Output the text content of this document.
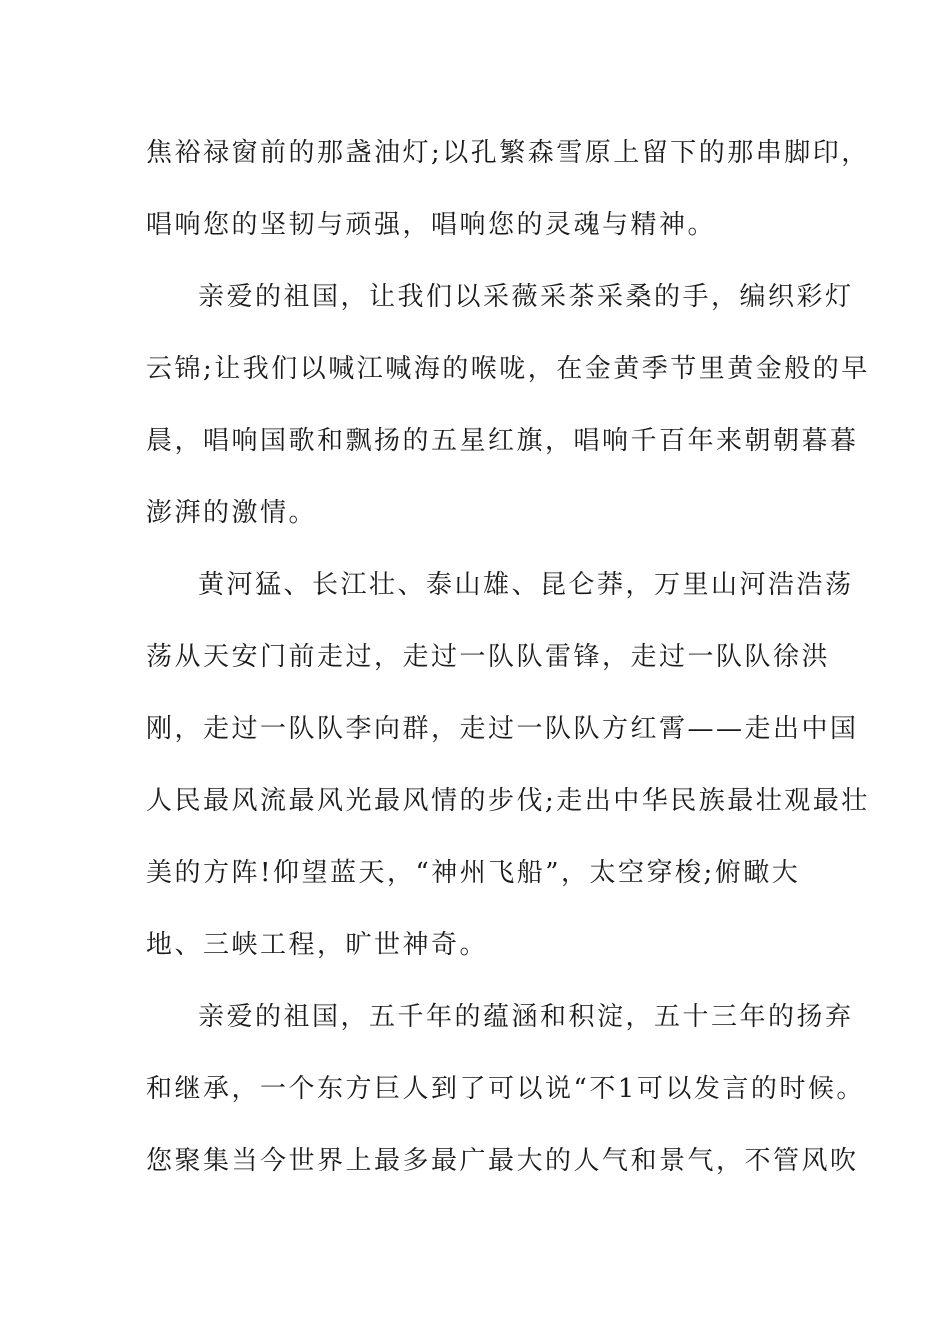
焦裕禄窗前的那盏油灯;以孔繁森雪原上留下的那串脚印，
唱响您的坚韧与顽强，唱响您的灵魂与精神。
亲爱的祖国，让我们以采薇采茶采桑的手，编织彩灯
云锦;让我们以喊江喊海的喉咙，在金黄季节里黄金般的早
晨，唱响国歌和飘扬的五星红旗，唱响千百年来朝朝暮暮
澎湃的激情。
黄河猛、长江壮、泰山雄、昆仑莽，万里山河浩浩荡
荡从天安门前走过，走过一队队雷锋，走过一队队徐洪
刚，走过一队队李向群，走过一队队方红霄——走出中国
人民最风流最风光最风情的步伐;走出中华民族最壮观最壮
美的方阵!仰望蓝天，“神州飞船”，太空穿梭;俯瞰大
地、三峡工程，旷世神奇。
亲爱的祖国，五千年的蕴涵和积淀，五十三年的扬弃
和继承，一个东方巨人到了可以说“不1可以发言的时候。
您聚集当今世界上最多最广最大的人气和景气，不管风吹
